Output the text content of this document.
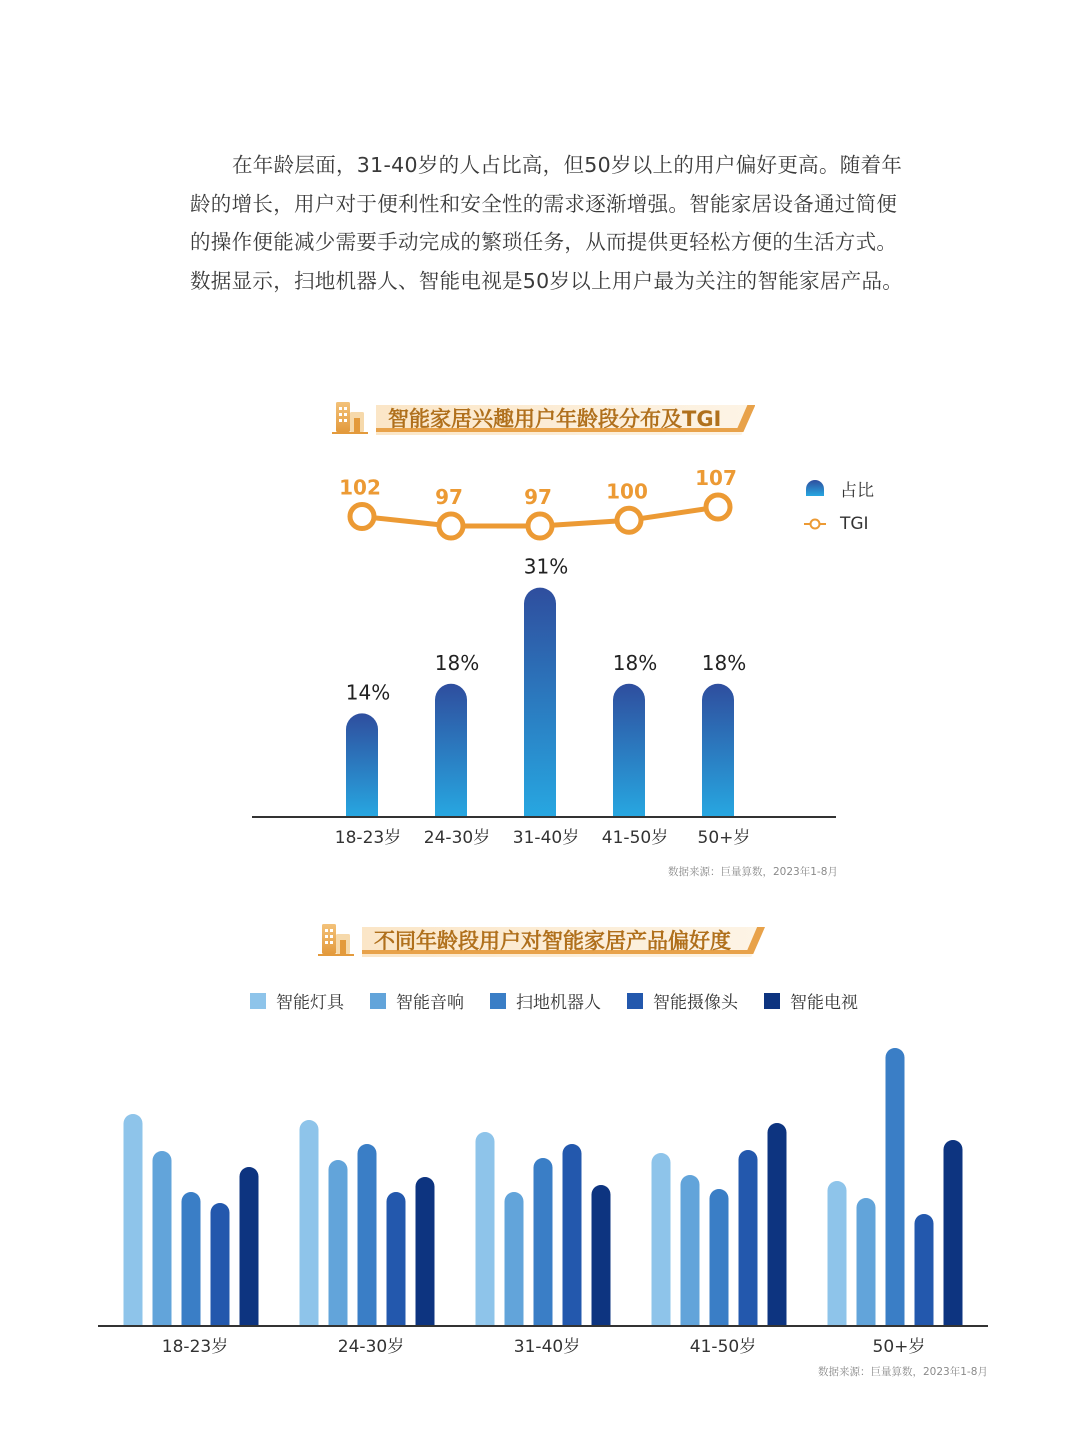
在年龄层面，31-40岁的人占比高，但50岁以上的用户偏好更高。随着年龄的增长，用户对于便利性和安全性的需求逐渐增强。智能家居设备通过简便的操作便能减少需要手动完成的繁琐任务，从而提供更轻松方便的生活方式。数据显示，扫地机器人、智能电视是50岁以上用户最为关注的智能家居产品。

智能家居兴趣用户年龄段分布及TGI
占比
TGI
14%
18%
31%
18% 18%
102	97	97	100
107
18-23岁 24-30岁 31-40岁 41-50岁 50+岁
数据来源：巨量算数，2023年1-8月
不同年龄段用户对智能家居产品偏好度
智能灯具	智能音响	扫地机器人	智能摄像头	智能电视
18-23岁	24-30岁	31-40岁	41-50岁	50+岁
数据来源：巨量算数，2023年1-8月
